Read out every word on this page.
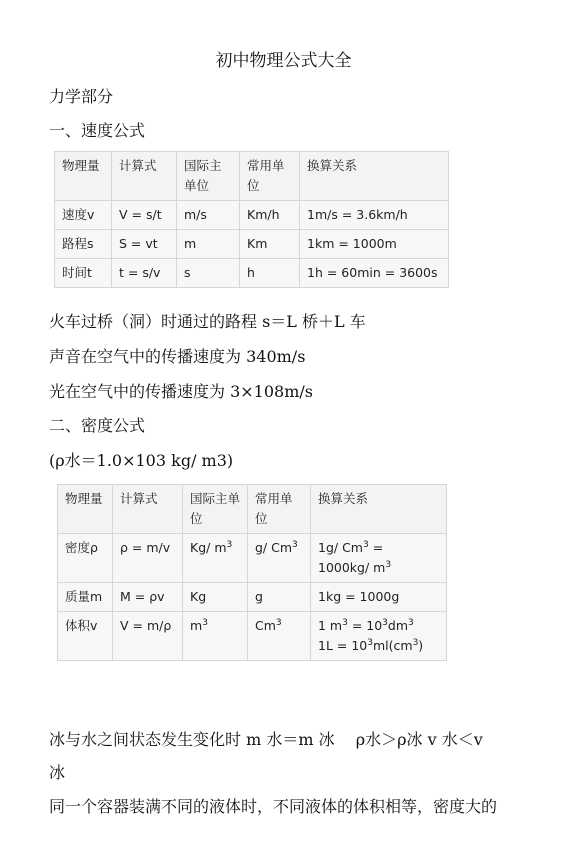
初中物理公式大全
力学部分
一、速度公式
物理量	计算式	国际主单位	常用单位	换算关系
速度v	V = s/t	m/s	Km/h	1m/s = 3.6km/h
路程s	S = vt	m	Km	1km = 1000m
时间t	t = s/v	s	h	1h = 60min = 3600s
火车过桥（洞）时通过的路程 s＝L 桥＋L 车
声音在空气中的传播速度为 340m/s
光在空气中的传播速度为 3×108m/s
二、密度公式
(ρ水＝1.0×103 kg/ m3)
物理量	计算式	国际主单位	常用单位	换算关系
密度ρ	ρ = m/v	Kg/ $m^3$	g/ Cm$^3$	1g/ $Cm^3$ =
1000kg/ $m^3$

质量m	M = ρv	Kg	g	1kg = 1000g
体积v	V = m/ρ	$m^3$	Cm$^3$	1 $m^3 = 10^3dm^3$
$1L = 10^3ml(cm^3)$
冰与水之间状态发生变化时 m 水＝m 冰　 ρ水＞ρ冰 v 水＜v
冰
同一个容器装满不同的液体时，不同液体的体积相等，密度大的
